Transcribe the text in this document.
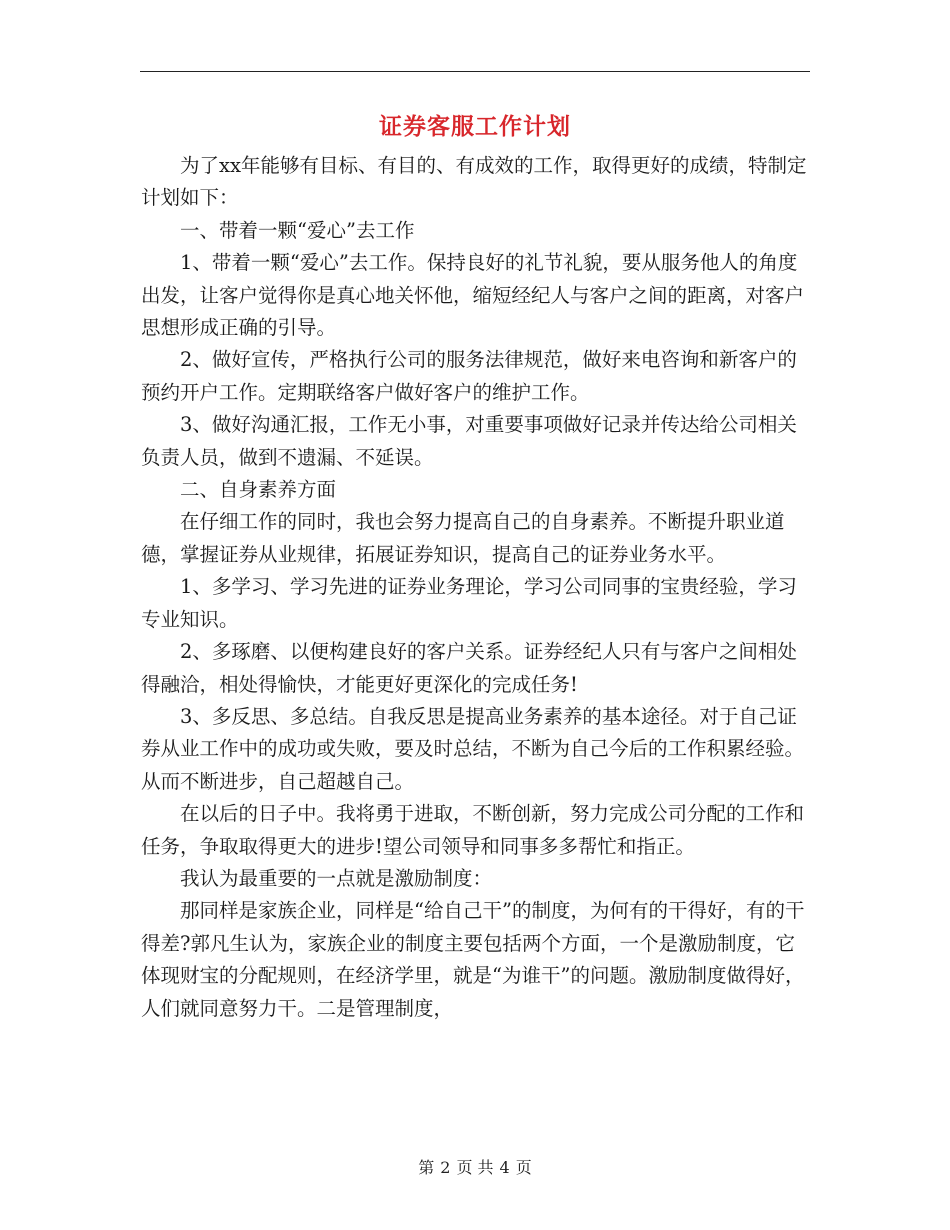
证券客服工作计划

为了xx年能够有目标、有目的、有成效的工作，取得更好的成绩，特制定计划如下：

一、带着一颗“爱心”去工作

1、带着一颗“爱心”去工作。保持良好的礼节礼貌，要从服务他人的角度出发，让客户觉得你是真心地关怀他，缩短经纪人与客户之间的距离，对客户思想形成正确的引导。

2、做好宣传，严格执行公司的服务法律规范，做好来电咨询和新客户的预约开户工作。定期联络客户做好客户的维护工作。

3、做好沟通汇报，工作无小事，对重要事项做好记录并传达给公司相关负责人员，做到不遗漏、不延误。

二、自身素养方面

在仔细工作的同时，我也会努力提高自己的自身素养。不断提升职业道德，掌握证券从业规律，拓展证券知识，提高自己的证券业务水平。

1、多学习、学习先进的证券业务理论，学习公司同事的宝贵经验，学习专业知识。

2、多琢磨、以便构建良好的客户关系。证券经纪人只有与客户之间相处得融洽，相处得愉快，才能更好更深化的完成任务!

3、多反思、多总结。自我反思是提高业务素养的基本途径。对于自己证券从业工作中的成功或失败，要及时总结，不断为自己今后的工作积累经验。从而不断进步，自己超越自己。

在以后的日子中。我将勇于进取，不断创新，努力完成公司分配的工作和任务，争取取得更大的进步!望公司领导和同事多多帮忙和指正。

我认为最重要的一点就是激励制度：

那同样是家族企业，同样是“给自己干”的制度，为何有的干得好，有的干得差?郭凡生认为，家族企业的制度主要包括两个方面，一个是激励制度，它体现财宝的分配规则，在经济学里，就是“为谁干”的问题。激励制度做得好，人们就同意努力干。二是管理制度，

第 2 页 共 4 页
